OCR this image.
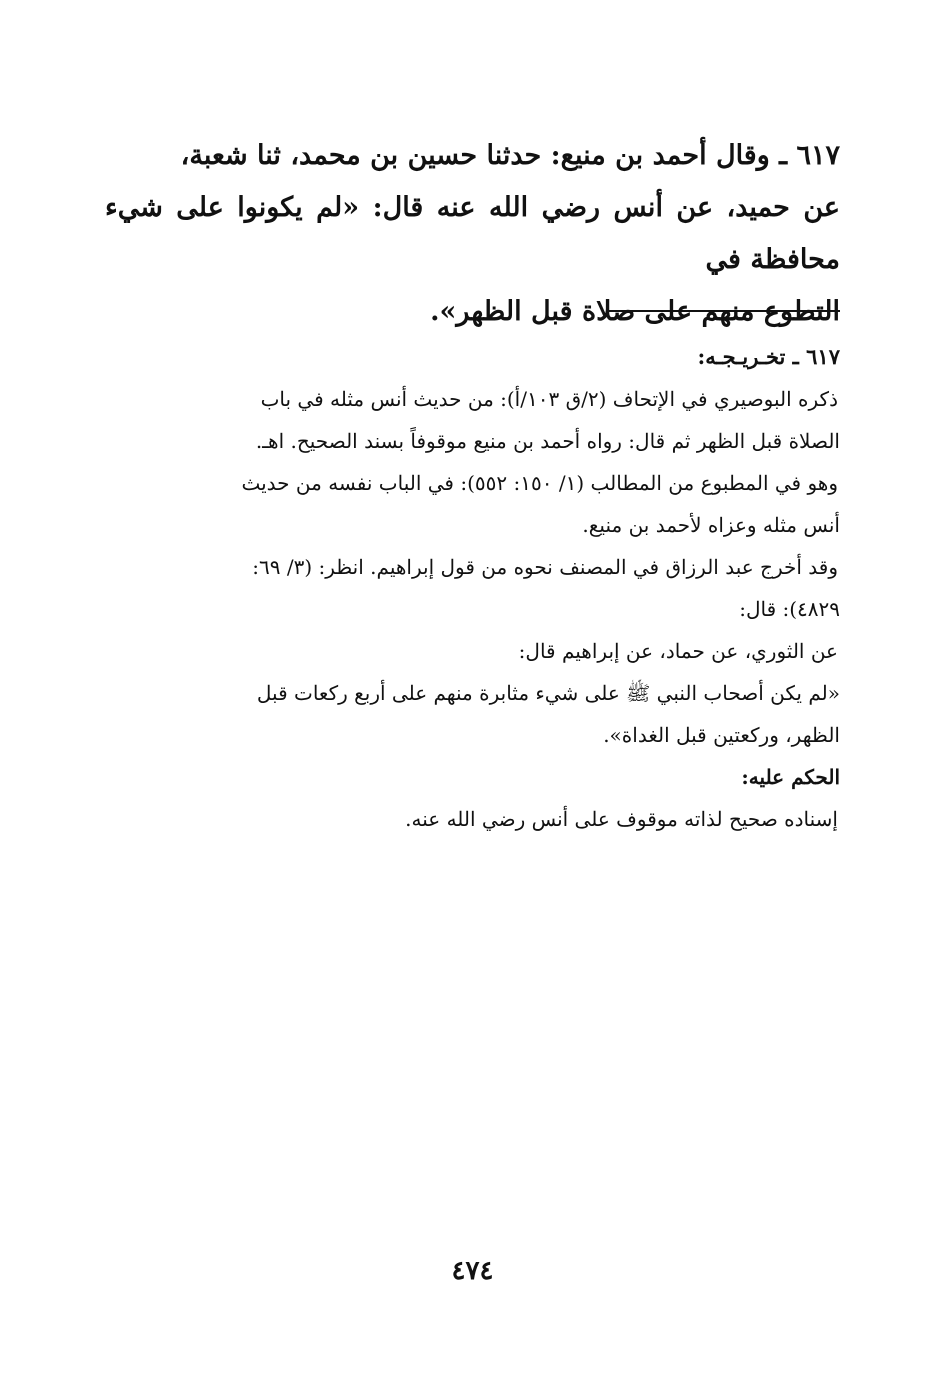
٦١٧ ـ وقال أحمد بن منيع: حدثنا حسين بن محمد، ثنا شعبة،

عن حميد، عن أنس رضي الله عنه قال: «لم يكونوا على شيء محافظة في

التطوع منهم على صلاة قبل الظهر».

٦١٧ ـ تخـريـجـه:

ذكره البوصيري في الإتحاف (٢/ق ١٠٣/أ): من حديث أنس مثله في باب

الصلاة قبل الظهر ثم قال: رواه أحمد بن منيع موقوفاً بسند الصحيح. اهـ.

وهو في المطبوع من المطالب (١/ ١٥٠: ٥٥٢): في الباب نفسه من حديث

أنس مثله وعزاه لأحمد بن منيع.

وقد أخرج عبد الرزاق في المصنف نحوه من قول إبراهيم. انظر: (٣/ ٦٩:

٤٨٢٩): قال:

عن الثوري، عن حماد، عن إبراهيم قال:

«لم يكن أصحاب النبي ﷺ على شيء مثابرة منهم على أربع ركعات قبل

الظهر، وركعتين قبل الغداة».

الحكم عليه:

إسناده صحيح لذاته موقوف على أنس رضي الله عنه.

٤٧٤
